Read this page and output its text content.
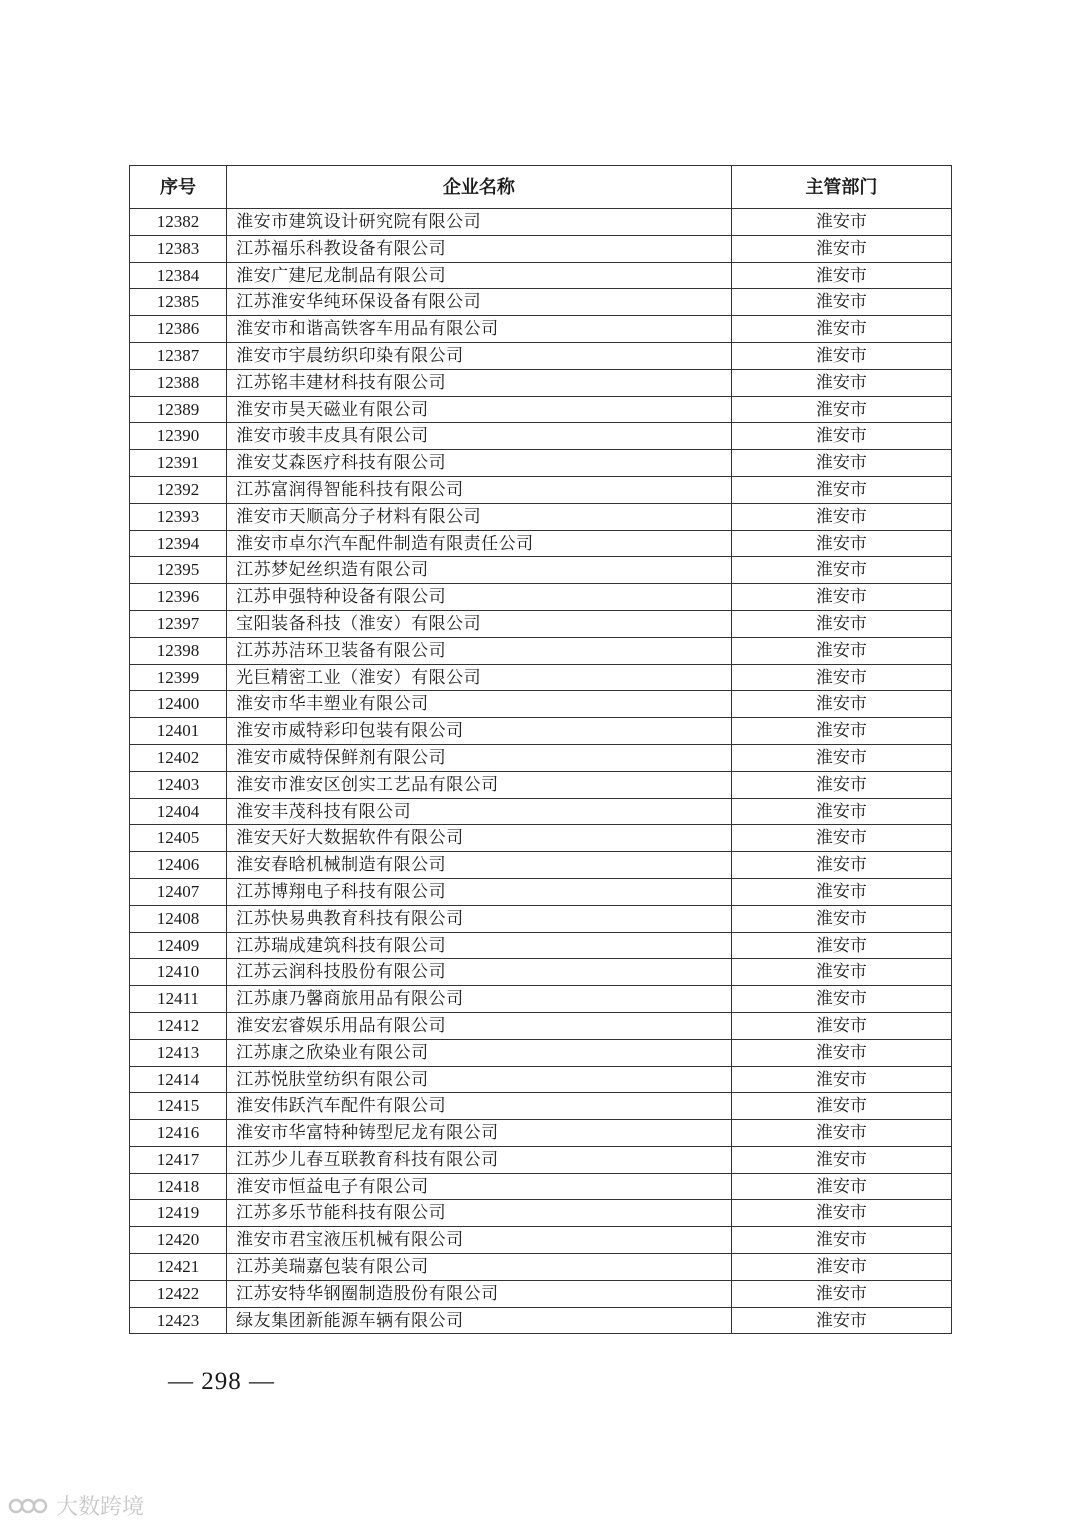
序号	企业名称	主管部门
12382	淮安市建筑设计研究院有限公司	淮安市
12383	江苏福乐科教设备有限公司	淮安市
12384	淮安广建尼龙制品有限公司	淮安市
12385	江苏淮安华纯环保设备有限公司	淮安市
12386	淮安市和谐高铁客车用品有限公司	淮安市
12387	淮安市宇晨纺织印染有限公司	淮安市
12388	江苏铭丰建材科技有限公司	淮安市
12389	淮安市昊天磁业有限公司	淮安市
12390	淮安市骏丰皮具有限公司	淮安市
12391	淮安艾森医疗科技有限公司	淮安市
12392	江苏富润得智能科技有限公司	淮安市
12393	淮安市天顺高分子材料有限公司	淮安市
12394	淮安市卓尔汽车配件制造有限责任公司	淮安市
12395	江苏梦妃丝织造有限公司	淮安市
12396	江苏申强特种设备有限公司	淮安市
12397	宝阳装备科技（淮安）有限公司	淮安市
12398	江苏苏洁环卫装备有限公司	淮安市
12399	光巨精密工业（淮安）有限公司	淮安市
12400	淮安市华丰塑业有限公司	淮安市
12401	淮安市威特彩印包装有限公司	淮安市
12402	淮安市威特保鲜剂有限公司	淮安市
12403	淮安市淮安区创实工艺品有限公司	淮安市
12404	淮安丰茂科技有限公司	淮安市
12405	淮安天好大数据软件有限公司	淮安市
12406	淮安春晗机械制造有限公司	淮安市
12407	江苏博翔电子科技有限公司	淮安市
12408	江苏快易典教育科技有限公司	淮安市
12409	江苏瑞成建筑科技有限公司	淮安市
12410	江苏云润科技股份有限公司	淮安市
12411	江苏康乃馨商旅用品有限公司	淮安市
12412	淮安宏睿娱乐用品有限公司	淮安市
12413	江苏康之欣染业有限公司	淮安市
12414	江苏悦肤堂纺织有限公司	淮安市
12415	淮安伟跃汽车配件有限公司	淮安市
12416	淮安市华富特种铸型尼龙有限公司	淮安市
12417	江苏少儿春互联教育科技有限公司	淮安市
12418	淮安市恒益电子有限公司	淮安市
12419	江苏多乐节能科技有限公司	淮安市
12420	淮安市君宝液压机械有限公司	淮安市
12421	江苏美瑞嘉包装有限公司	淮安市
12422	江苏安特华钢圈制造股份有限公司	淮安市
12423	绿友集团新能源车辆有限公司	淮安市
— 298 —
大数跨境
